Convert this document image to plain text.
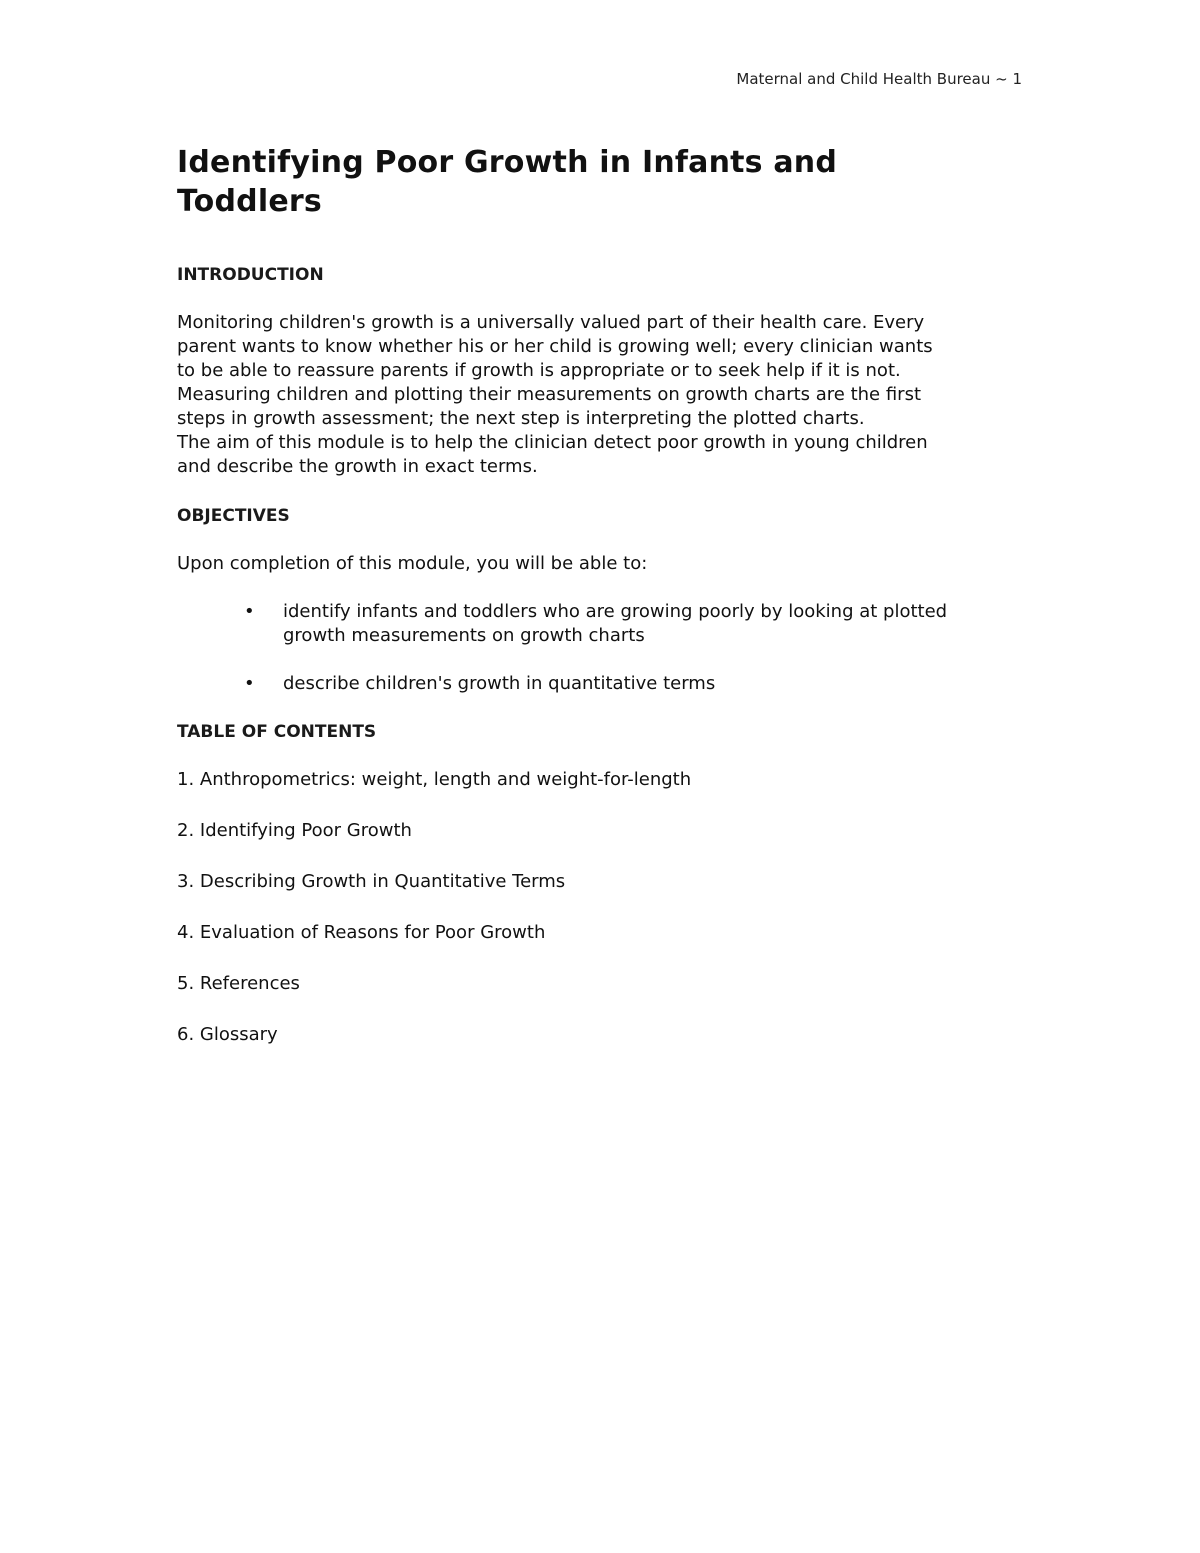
Maternal and Child Health Bureau ~ 1
Identifying Poor Growth in Infants and
Toddlers
INTRODUCTION

Monitoring children's growth is a universally valued part of their health care. Every
parent wants to know whether his or her child is growing well; every clinician wants
to be able to reassure parents if growth is appropriate or to seek help if it is not.
Measuring children and plotting their measurements on growth charts are the first
steps in growth assessment; the next step is interpreting the plotted charts.
The aim of this module is to help the clinician detect poor growth in young children
and describe the growth in exact terms.

OBJECTIVES

Upon completion of this module, you will be able to:

• identify infants and toddlers who are growing poorly by looking at plotted
growth measurements on growth charts
• describe children's growth in quantitative terms
TABLE OF CONTENTS
1. Anthropometrics: weight, length and weight-for-length
2. Identifying Poor Growth
3. Describing Growth in Quantitative Terms
4. Evaluation of Reasons for Poor Growth
5. References
6. Glossary
